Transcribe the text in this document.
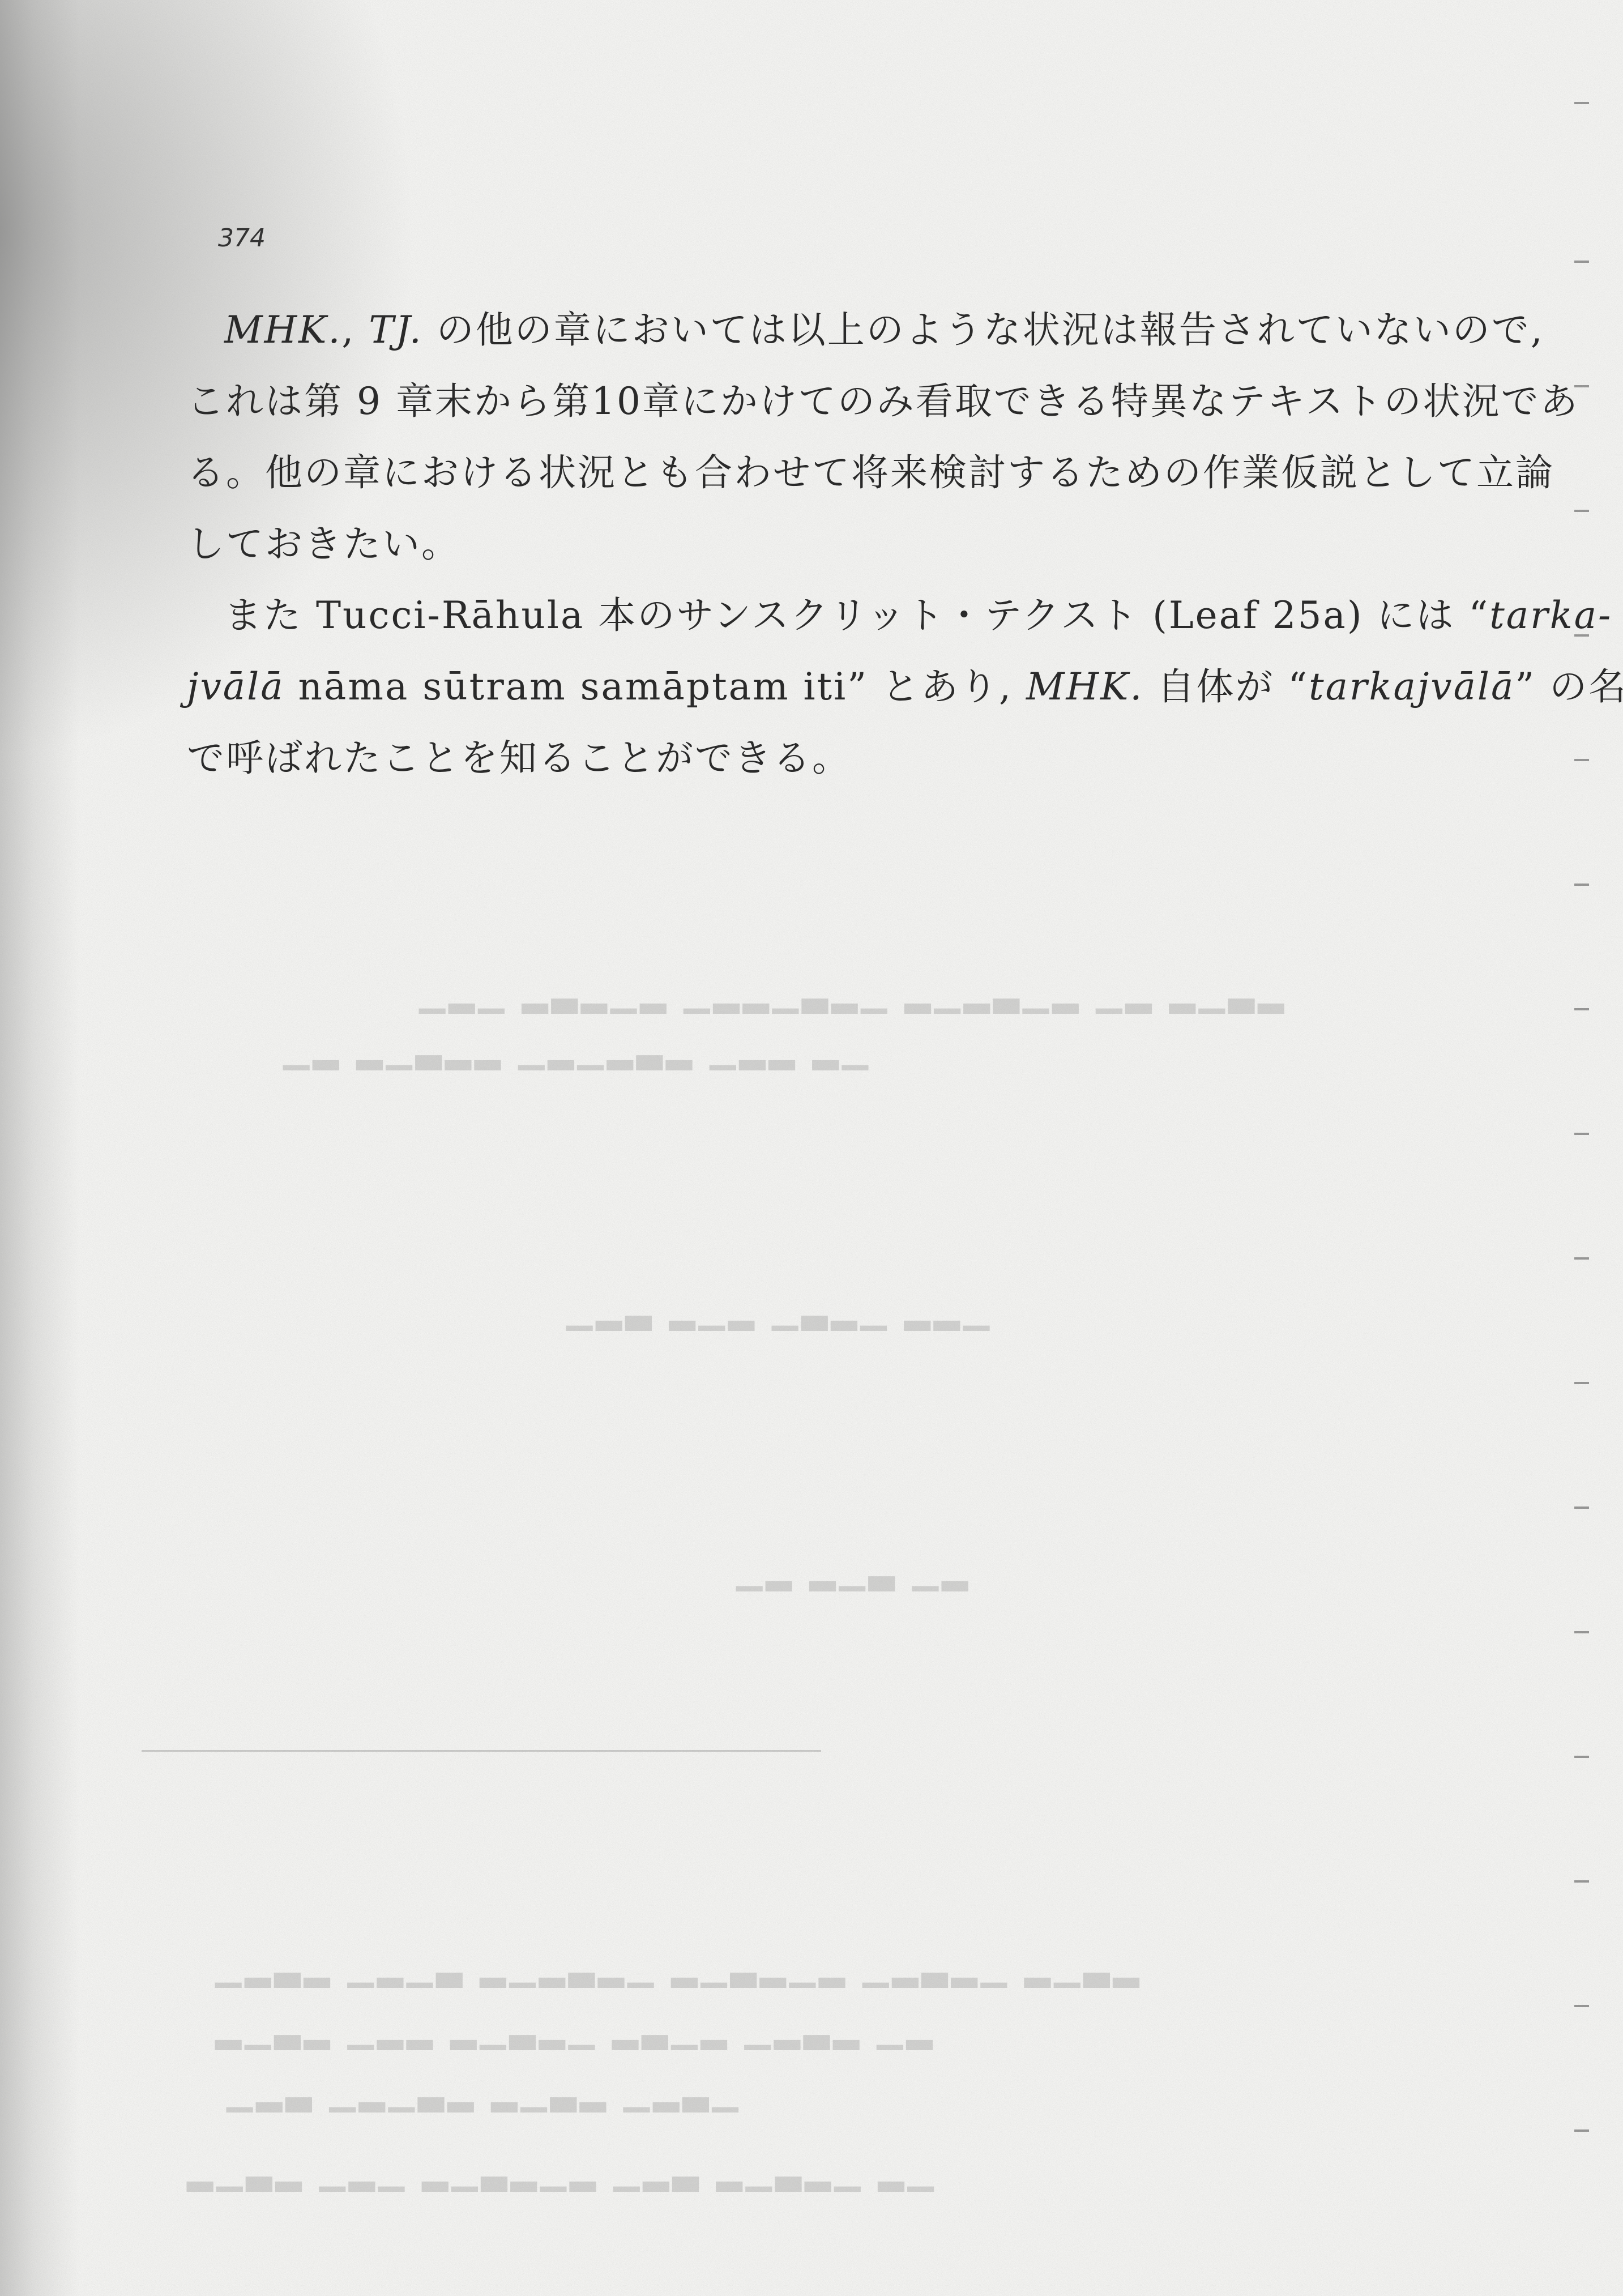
▁▂▁ ▂▃▂▁▂ ▁▂▂▁▃▂▁ ▂▁▂▃▁▂ ▁▂ ▂▁▃▂
▁▂ ▂▁▃▂▂ ▁▂▁▂▃▂ ▁▂▂ ▂▁
▁▂▃ ▂▁▂ ▁▃▂▁ ▂▂▁
▁▂ ▂▁▃ ▁▂
▁▂▃▂ ▁▂▁▃ ▂▁▂▃▂▁ ▂▁▃▂▁▂ ▁▂▃▂▁ ▂▁▃▂
▂▁▃▂ ▁▂▂ ▂▁▃▂▁ ▂▃▁▂ ▁▂▃▂ ▁▂
▁▂▃ ▁▂▁▃▂ ▂▁▃▂ ▁▂▃▁
▂▁▃▂ ▁▂▁ ▂▁▃▂▁▂ ▁▂▃ ▂▁▃▂▁ ▂▁
374

MHK., TJ. の他の章においては以上のような状況は報告されていないので,
これは第 9 章末から第10章にかけてのみ看取できる特異なテキストの状況であ
る。他の章における状況とも合わせて将来検討するための作業仮説として立論
しておきたい。

また Tucci-Rāhula 本のサンスクリット・テクスト (Leaf 25a) には “tarka-
jvālā nāma sūtram samāptam iti” とあり, MHK. 自体が “tarkajvālā” の名
で呼ばれたことを知ることができる。
